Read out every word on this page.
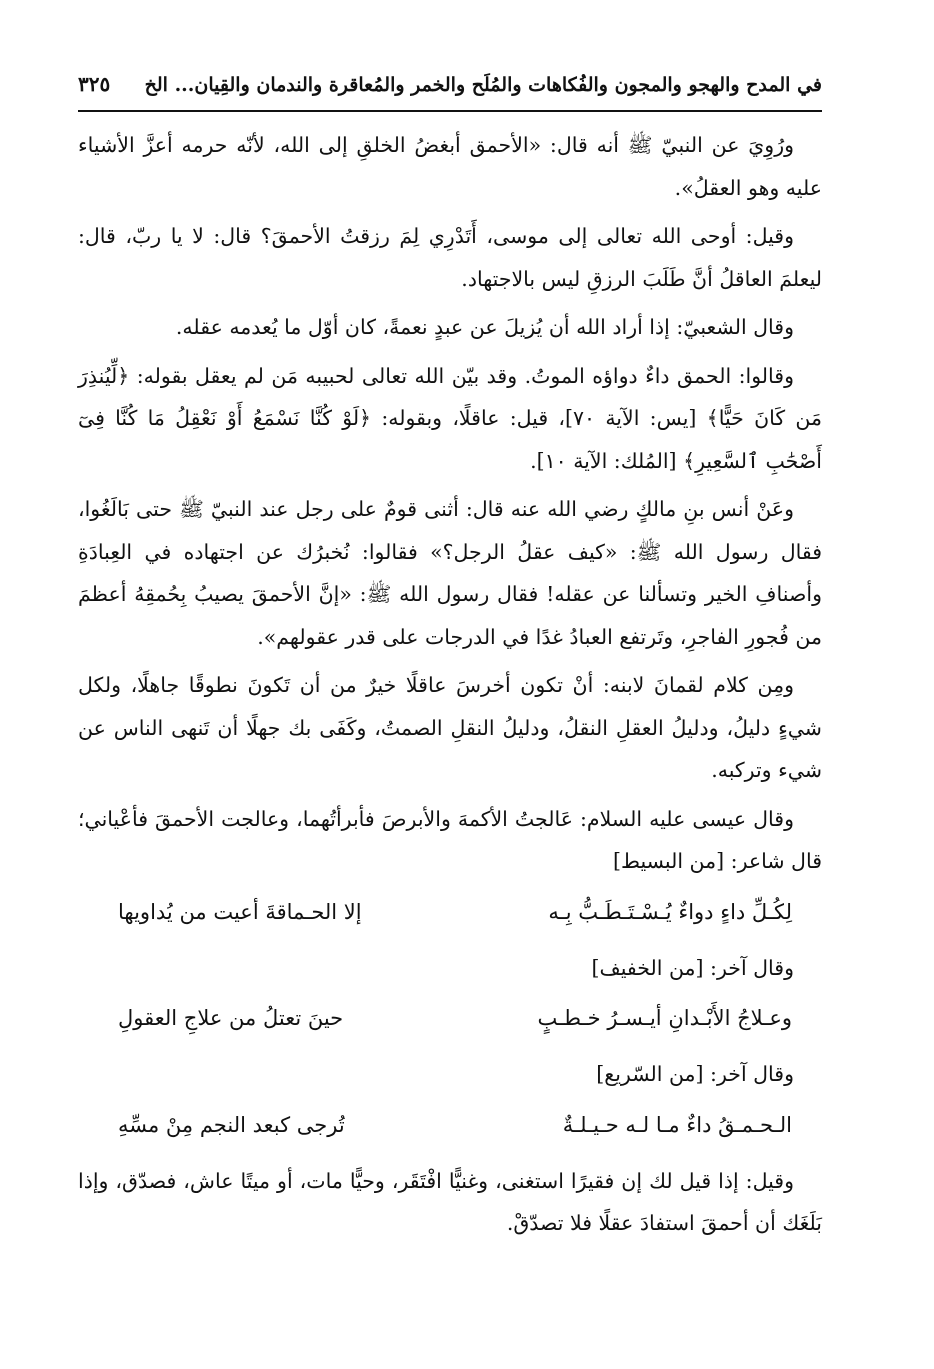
في المدح والهجو والمجون والفُكاهات والمُلَح والخمر والمُعاقرة والندمان والقِيان... الخ
٣٢٥

ورُوِيَ عن النبيّ ﷺ أنه قال: «الأحمق أبغضُ الخلقِ إلى الله، لأنّه حرمه أعزَّ الأشياء عليه وهو العقلُ».

وقيل: أوحى الله تعالى إلى موسى، أَتَدْرِي لِمَ رزقتُ الأحمقَ؟ قال: لا يا ربّ، قال: ليعلمَ العاقلُ أنَّ طَلَبَ الرزقِ ليس بالاجتهاد.

وقال الشعبيّ: إذا أراد الله أن يُزيلَ عن عبدٍ نعمةً، كان أوّل ما يُعدمه عقله.

وقالوا: الحمق داءٌ دواؤه الموتُ. وقد بيّن الله تعالى لحبيبه مَن لم يعقل بقوله: ﴿لِّيُنذِرَ مَن كَانَ حَيًّا﴾ [يس: الآية ٧٠]، قيل: عاقلًا، وبقوله: ﴿لَوْ كُنَّا نَسْمَعُ أَوْ نَعْقِلُ مَا كُنَّا فِىٓ أَصْحَٰبِ ٱلسَّعِيرِ﴾ [المُلك: الآية ١٠].

وعَنْ أنس بنِ مالكٍ رضي الله عنه قال: أثنى قومٌ على رجل عند النبيّ ﷺ حتى بَالَغُوا، فقال رسول الله ﷺ: «كيف عقلُ الرجل؟» فقالوا: نُخبرُك عن اجتهاده في العِبادَةِ وأصنافِ الخير وتسألنا عن عقله! فقال رسول الله ﷺ: «إنَّ الأحمقَ يصيبُ بِحُمقِهُ أعظمَ من فُجورِ الفاجرِ، وتَرتفع العبادُ غدًا في الدرجات على قدر عقولهم».

ومِن كلام لقمانَ لابنه: أنْ تكون أخرسَ عاقلًا خيرٌ من أن تَكونَ نطوقًا جاهلًا، ولكل شيءٍ دليلُ، ودليلُ العقلِ النقلُ، ودليلُ النقلِ الصمتُ، وكَفَى بك جهلًا أن تَنهى الناس عن شيء وتركبه.

وقال عيسى عليه السلام: عَالجتُ الأكمهَ والأبرصَ فأبرأتُهما، وعالجت الأحمقَ فأعْياني؛ قال شاعر: [من البسيط]

لِكُـلِّ داءٍ دواءٌ يُـسْـتَـطَـبُّ بِـه
إلا الحـماقةَ أعيت من يُداويها

وقال آخر: [من الخفيف]

وعـلاجُ الأَبْـدانِ أيـسـرُ خـطـبٍ
حينَ تعتلُ من علاجِ العقولِ

وقال آخر: [من السّريع]

الـحـمـقُ داءٌ مـا لـه حـيـلـةٌ
تُرجى كبعد النجم مِنْ مسِّهِ

وقيل: إذا قيل لك إن فقيرًا استغنى، وغنيًّا افْتَقَر، وحيًّا مات، أو ميتًا عاش، فصدّق، وإذا بَلَغَك أن أحمقَ استفادَ عقلًا فلا تصدّقْ.
